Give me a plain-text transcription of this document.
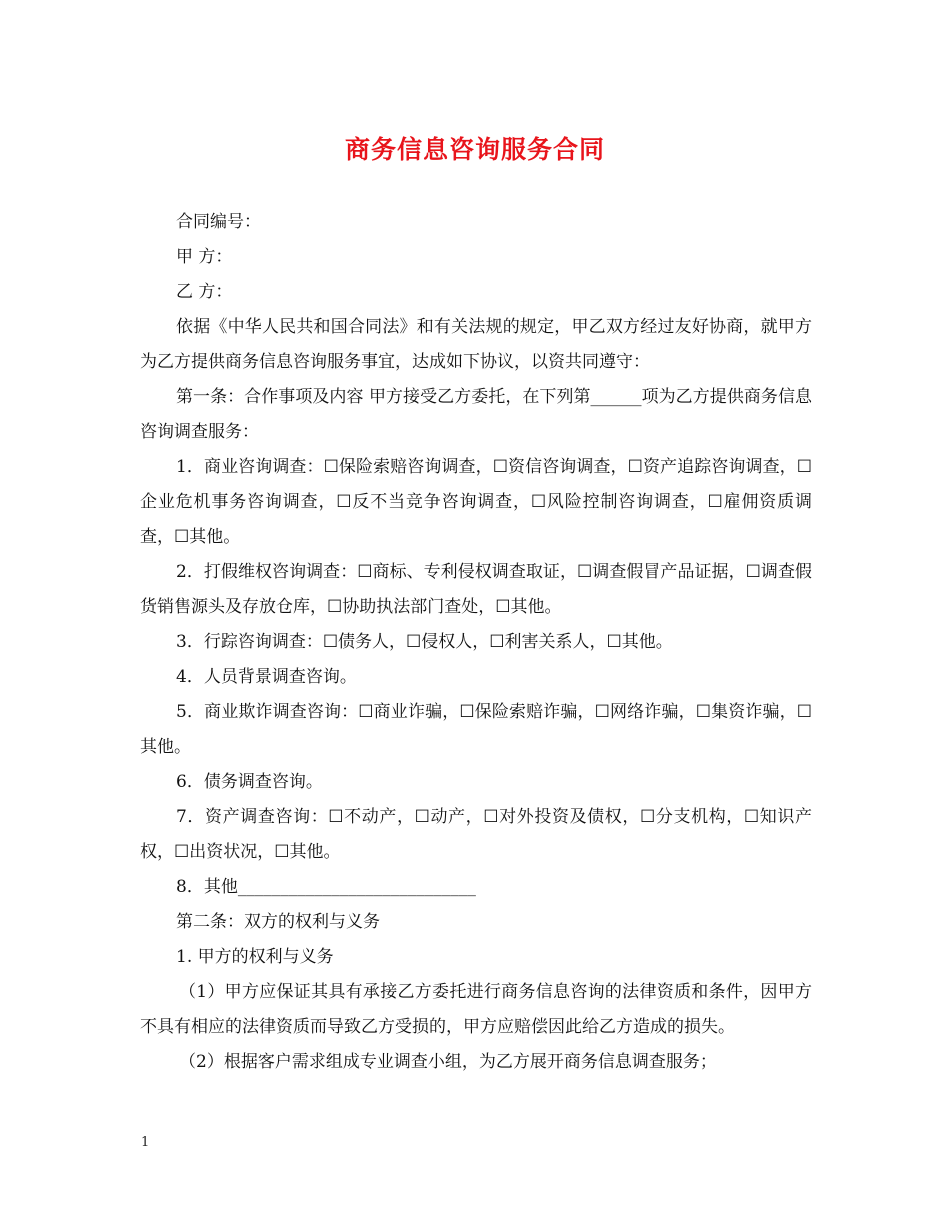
商务信息咨询服务合同

合同编号：

甲 方：

乙 方：

依据《中华人民共和国合同法》和有关法规的规定，甲乙双方经过友好协商，就甲方为乙方提供商务信息咨询服务事宜，达成如下协议，以资共同遵守：

第一条：合作事项及内容 甲方接受乙方委托，在下列第______项为乙方提供商务信息咨询调查服务：

1．商业咨询调查：☐保险索赔咨询调查，☐资信咨询调查，☐资产追踪咨询调查，☐企业危机事务咨询调查，☐反不当竞争咨询调查，☐风险控制咨询调查，☐雇佣资质调查，☐其他。

2．打假维权咨询调查：☐商标、专利侵权调查取证，☐调查假冒产品证据，☐调查假货销售源头及存放仓库，☐协助执法部门查处，☐其他。

3．行踪咨询调查：☐债务人，☐侵权人，☐利害关系人，☐其他。

4．人员背景调查咨询。

5．商业欺诈调查咨询：☐商业诈骗，☐保险索赔诈骗，☐网络诈骗，☐集资诈骗，☐其他。

6．债务调查咨询。

7．资产调查咨询：☐不动产，☐动产，☐对外投资及债权，☐分支机构，☐知识产权，☐出资状况，☐其他。

8．其他____________________________

第二条：双方的权利与义务

1. 甲方的权利与义务

（1）甲方应保证其具有承接乙方委托进行商务信息咨询的法律资质和条件，因甲方不具有相应的法律资质而导致乙方受损的，甲方应赔偿因此给乙方造成的损失。

（2）根据客户需求组成专业调查小组，为乙方展开商务信息调查服务；

1
